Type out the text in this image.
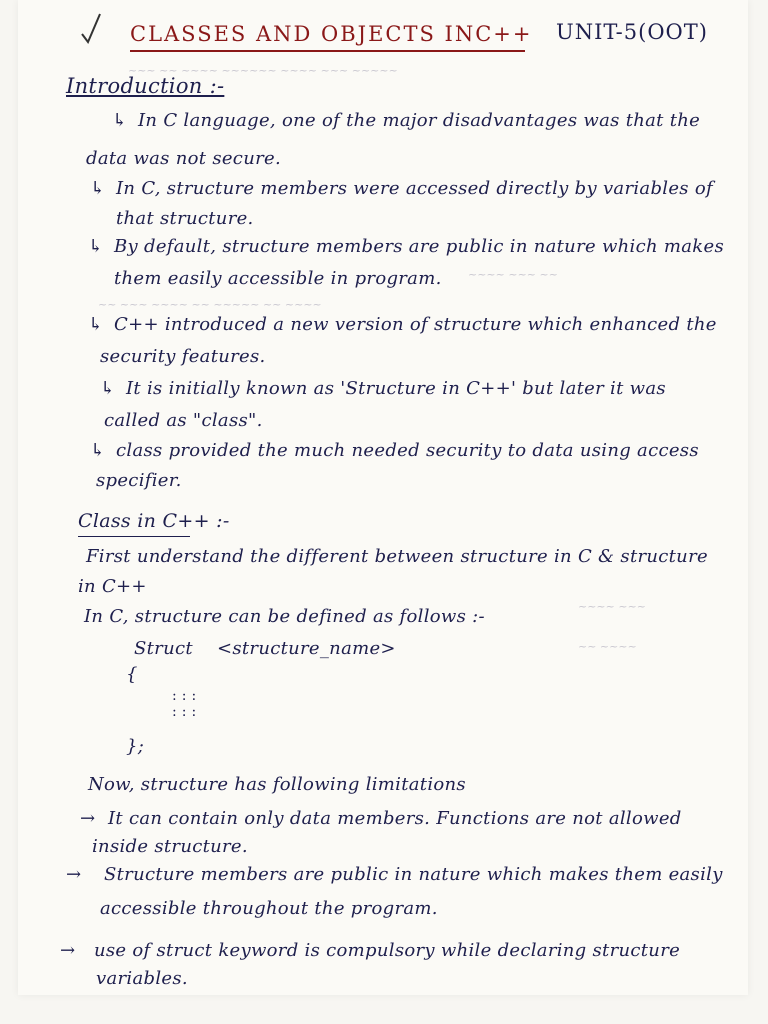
~~~ ~~ ~~~~ ~~~~~~ ~~~~ ~~~ ~~~~~
~~~~ ~~~ ~~
~~ ~~~ ~~~~ ~~ ~~~~~ ~~ ~~~~
~~~~ ~~~
~~ ~~~~
CLASSES AND OBJECTS INC++ UNIT-5(OOT)
Introduction :-
↳ In C language, one of the major disadvantages was that the
data was not secure.
↳ In C, structure members were accessed directly by variables of
that structure.
↳ By default, structure members are public in nature which makes
them easily accessible in program.
↳ C++ introduced a new version of structure which enhanced the
security features.
↳ It is initially known as 'Structure in C++' but later it was
called as "class".
↳ class provided the much needed security to data using access
specifier.
Class in C++ :-
First understand the different between structure in C & structure
in C++
In C, structure can be defined as follows :-
Struct    <structure_name>
{
: : :
: : :
};
Now, structure has following limitations
→ It can contain only data members. Functions are not allowed
inside structure.
→ Structure members are public in nature which makes them easily
accessible throughout the program.
→ use of struct keyword is compulsory while declaring structure
variables.
